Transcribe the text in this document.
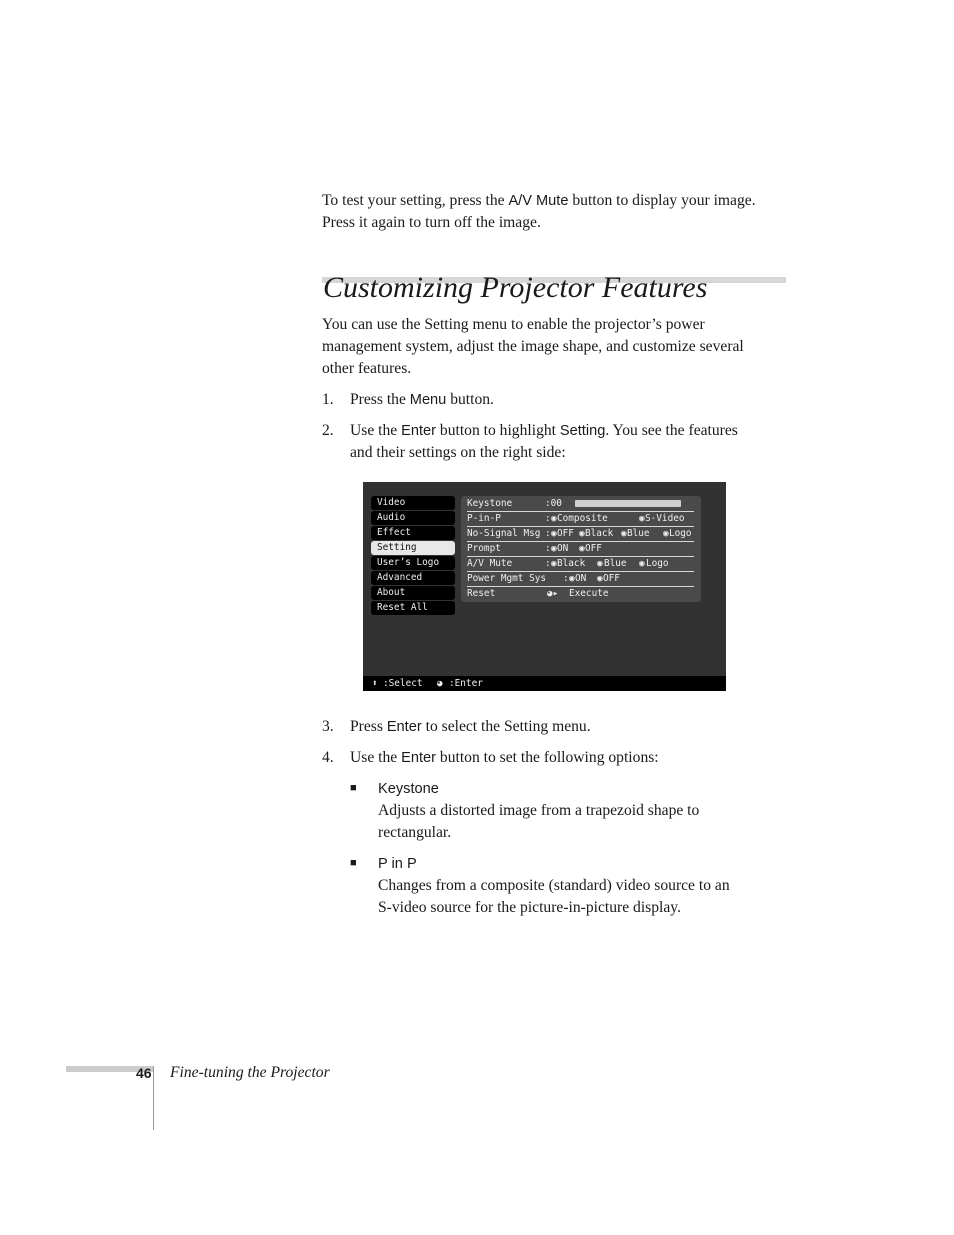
To test your setting, press the A/V Mute button to display your image.
Press it again to turn off the image.

Customizing Projector Features

You can use the Setting menu to enable the projector’s power
management system, adjust the image shape, and customize several
other features.

1. Press the Menu button.
2. Use the Enter button to highlight Setting. You see the features
and their settings on the right side:
Video
Audio
Effect
Setting
User’s Logo
Advanced
About
Reset All
Keystone	:00
P-in-P	: ◉ Composite	◉ S-Video
No-Signal Msg : ◉ OFF ◉ Black ◉ Blue ◉ Logo
Prompt	: ◉ ON ◉ OFF
A/V Mute	: ◉ Black ◉ Blue ◉ Logo
Power Mgmt Sys : ◉ ON ◉ OFF
Reset	◕▸ Execute
⬍ :Select ◕ :Enter
3. Press Enter to select the Setting menu.
4. Use the Enter button to set the following options:
■ Keystone
Adjusts a distorted image from a trapezoid shape to
rectangular.
■ P in P
Changes from a composite (standard) video source to an
S-video source for the picture-in-picture display.
46 Fine-tuning the Projector
